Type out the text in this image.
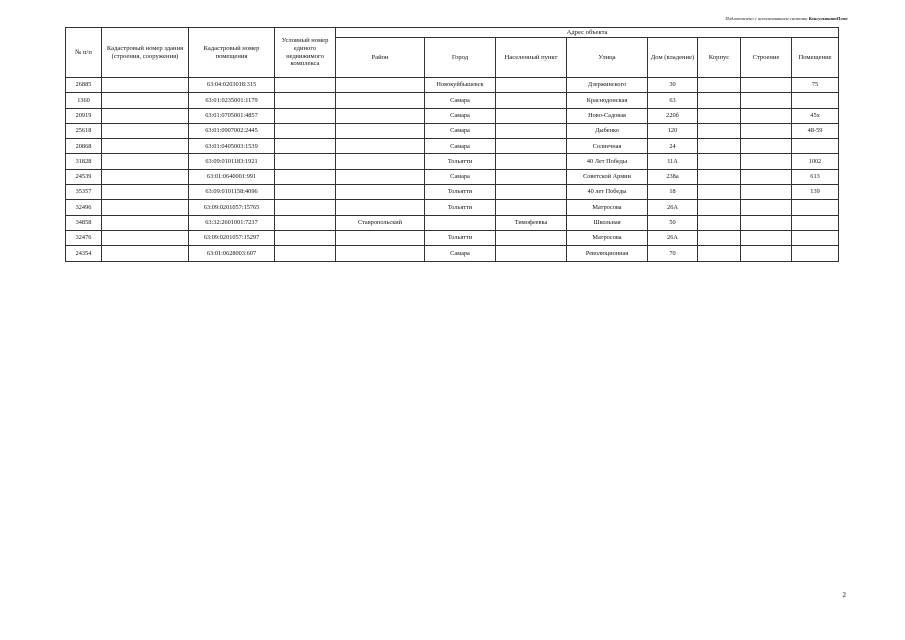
Подготовлено с использованием системы КонсультантПлюс
№ п/п	Кадастровый номер здания (строения, сооружения)	Кадастровый номер помещения	Условный номер единого недвижимого комплекса	Адрес объекта							
				Район	Город	Населенный пункт	Улица	Дом (владение)	Корпус	Строение	Помещение
26885		63:04:0203018:315			Новокуйбышевск		Дзержинского	30			75
1360		63:01:0235001:1179			Самара		Краснодонская	63			
20919		63:01:0705001:4857			Самара		Ново-Садовая	220б			45х
25618		63:01:0907002:2445			Самара		Дыбенко	120			48-59
20868		63:01:0405003:1539			Самара		Солнечная	24			
31828		63:09:0101183:1921			Тольятти		40 Лет Победы	11А			1002
24539		63:01:0640001:991			Самара		Советской Армии	238а			613
35357		63:09:0101158:4096			Тольятти		40 лет Победы	18			139
32496		63:09:0201057:15765			Тольятти		Матросова	26А			
34858		63:32:2601001:7237		Ставропольский		Тимофеевка	Школьная	50			
32476		63:09:0201057:15297			Тольятти		Матросова	26А			
24354		63:01:0628003:607			Самара		Революционная	70			
2
